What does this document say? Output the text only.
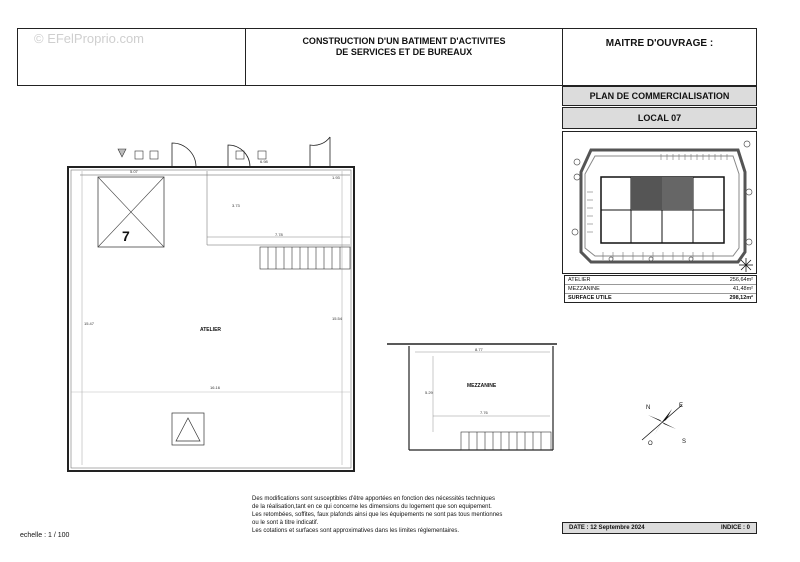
© EFelProprio.com	CONSTRUCTION D'UN BATIMENT D'ACTIVITES
DE SERVICES ET DE BUREAUX
MAITRE D'OUVRAGE :
PLAN DE COMMERCIALISATION
LOCAL 07
ATELIER	256,64m²
MEZZANINE	41,48m²
SURFACE UTILE	298,12m²
5.07
6.98
1.93
7
3.73
7.78
15.47
15.54
16.16
ATELIER
8.77
5.29
7.76
MEZZANINE
N	E
O	S
Des modifications sont susceptibles d'être apportées en fonction des nécessités techniques
de la réalisation,tant en ce qui concerne les dimensions du logement que son equipement.
Les retombées, soffites, faux plafonds ainsi que les équipements ne sont pas tous mentionnes
ou le sont à titre indicatif.
Les cotations et surfaces sont approximatives dans les limites réglementaires.
echelle : 1 / 100
DATE : 12 Septembre 2024	INDICE : 0
